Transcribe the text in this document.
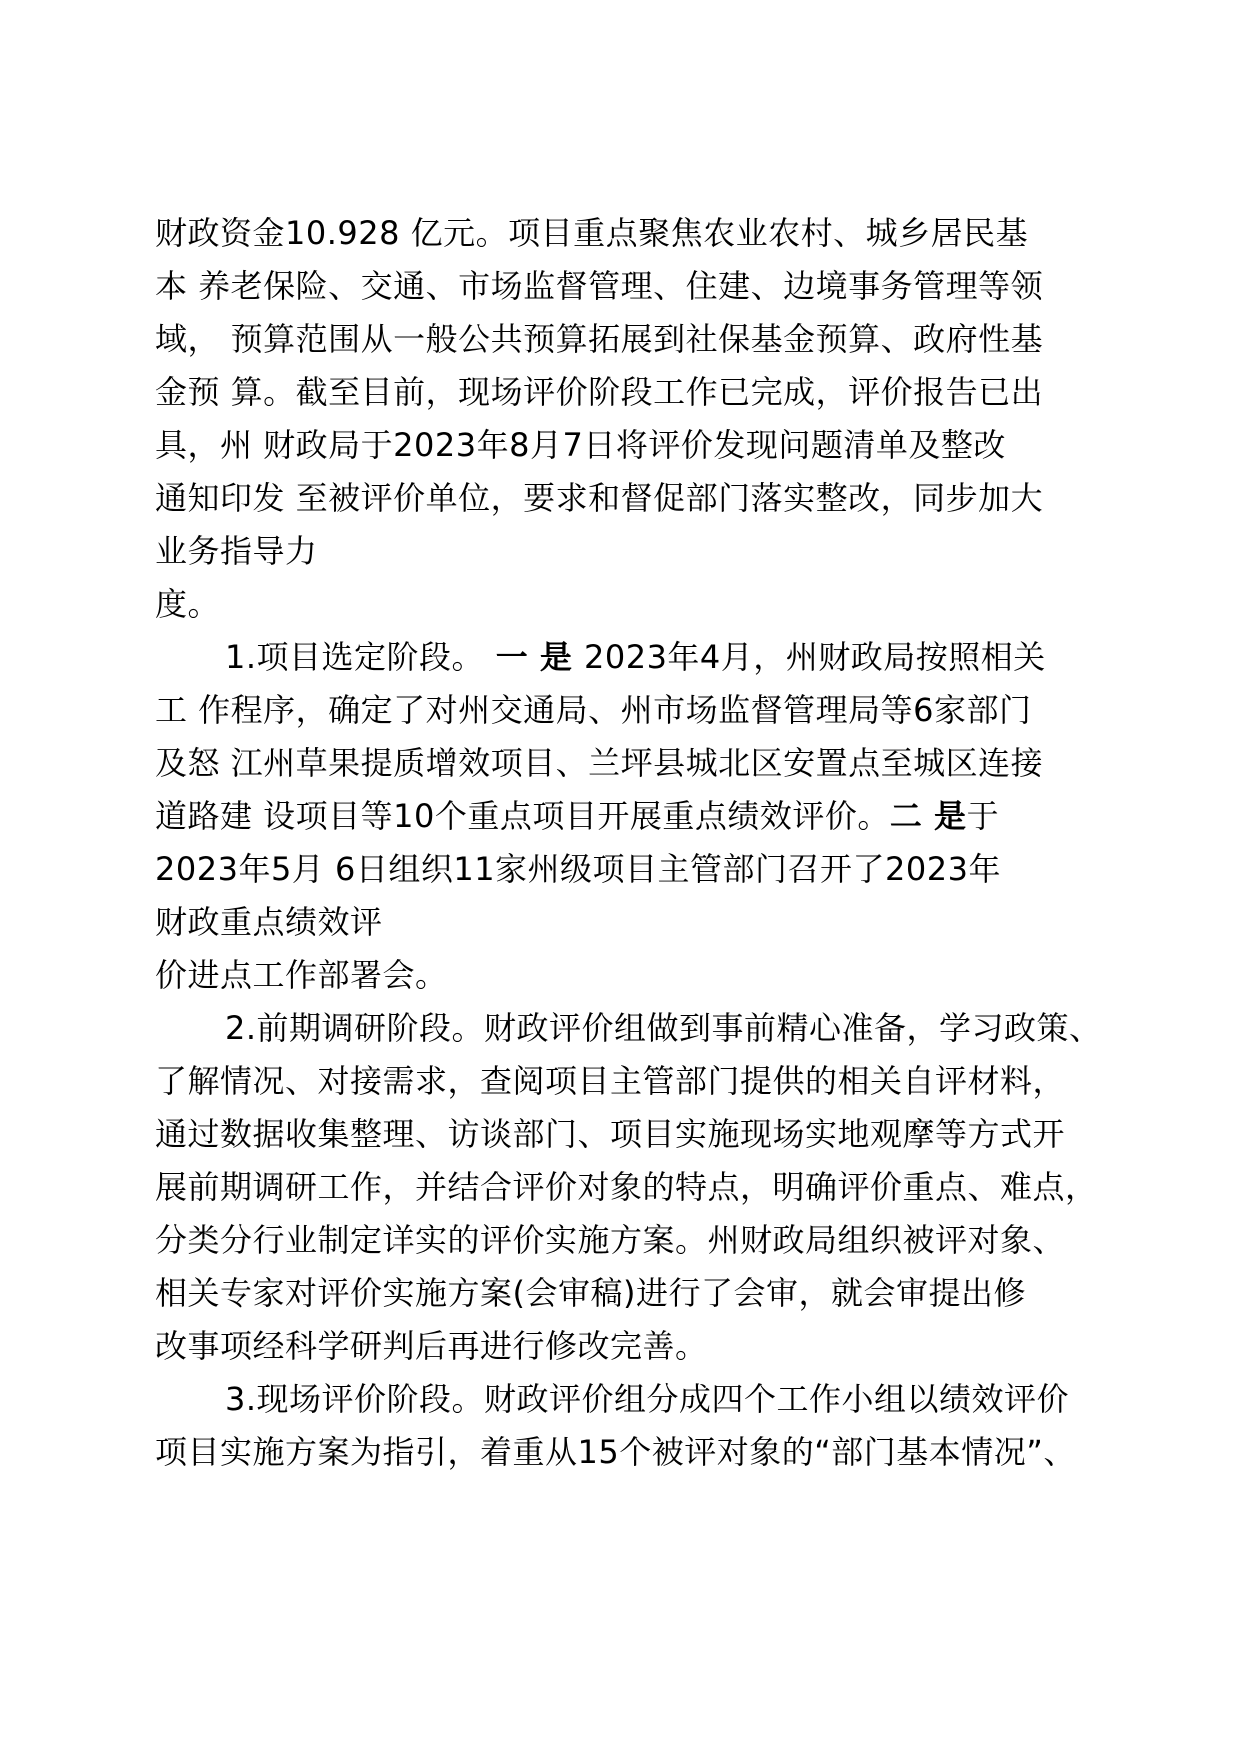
财政资金10.928 亿元。项目重点聚焦农业农村、城乡居民基
本 养老保险、交通、市场监督管理、住建、边境事务管理等领
域， 预算范围从一般公共预算拓展到社保基金预算、政府性基
金预 算。截至目前，现场评价阶段工作已完成，评价报告已出
具，州 财政局于2023年8月7日将评价发现问题清单及整改
通知印发 至被评价单位，要求和督促部门落实整改，同步加大
业务指导力
度。
1.项目选定阶段。 一 是 2023年4月，州财政局按照相关
工 作程序，确定了对州交通局、州市场监督管理局等6家部门
及怒 江州草果提质增效项目、兰坪县城北区安置点至城区连接
道路建 设项目等10个重点项目开展重点绩效评价。二 是于
2023年5月 6日组织11家州级项目主管部门召开了2023年
财政重点绩效评
价进点工作部署会。
2.前期调研阶段。财政评价组做到事前精心准备，学习政策、
了解情况、对接需求，查阅项目主管部门提供的相关自评材料，
通过数据收集整理、访谈部门、项目实施现场实地观摩等方式开
展前期调研工作，并结合评价对象的特点，明确评价重点、难点，
分类分行业制定详实的评价实施方案。州财政局组织被评对象、
相关专家对评价实施方案(会审稿)进行了会审，就会审提出修
改事项经科学研判后再进行修改完善。
3.现场评价阶段。财政评价组分成四个工作小组以绩效评价
项目实施方案为指引，着重从15个被评对象的“部门基本情况”、
